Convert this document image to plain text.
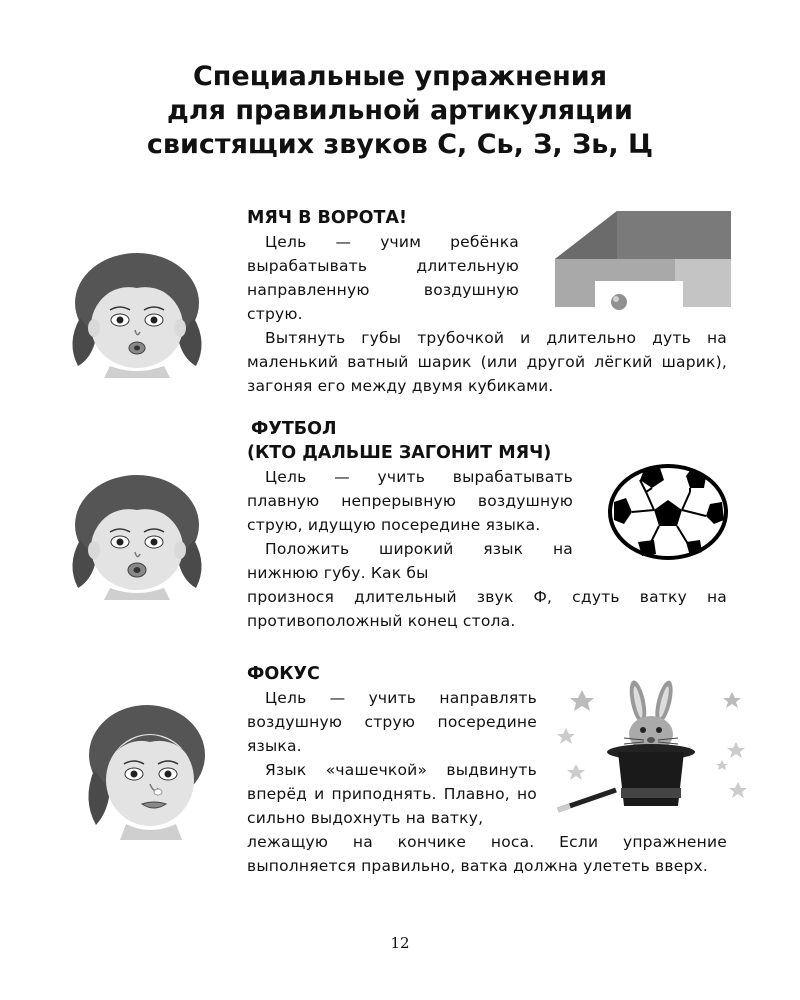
Специальные упражнения
для правильной артикуляции
свистящих звуков С, Сь, З, Зь, Ц
МЯЧ В ВОРОТА!

Цель — учим ребёнка вырабатывать длительную направленную воздушную струю.

Вытянуть губы трубочкой и длительно дуть на маленький ватный шарик (или другой лёгкий шарик), загоняя его между двумя кубиками.

ФУТБОЛ
(КТО ДАЛЬШЕ ЗАГОНИТ МЯЧ)

Цель — учить вырабатывать плавную непрерывную воздушную струю, идущую посередине языка.

Положить широкий язык на нижнюю губу. Как бы

произнося длительный звук Ф, сдуть ватку на противоположный конец стола.

ФОКУС

Цель — учить направлять воздушную струю посередине языка.

Язык «чашечкой» выдвинуть вперёд и приподнять. Плавно, но сильно выдохнуть на ватку,

лежащую на кончике носа. Если упражнение выполняется правильно, ватка должна улететь вверх.

12
